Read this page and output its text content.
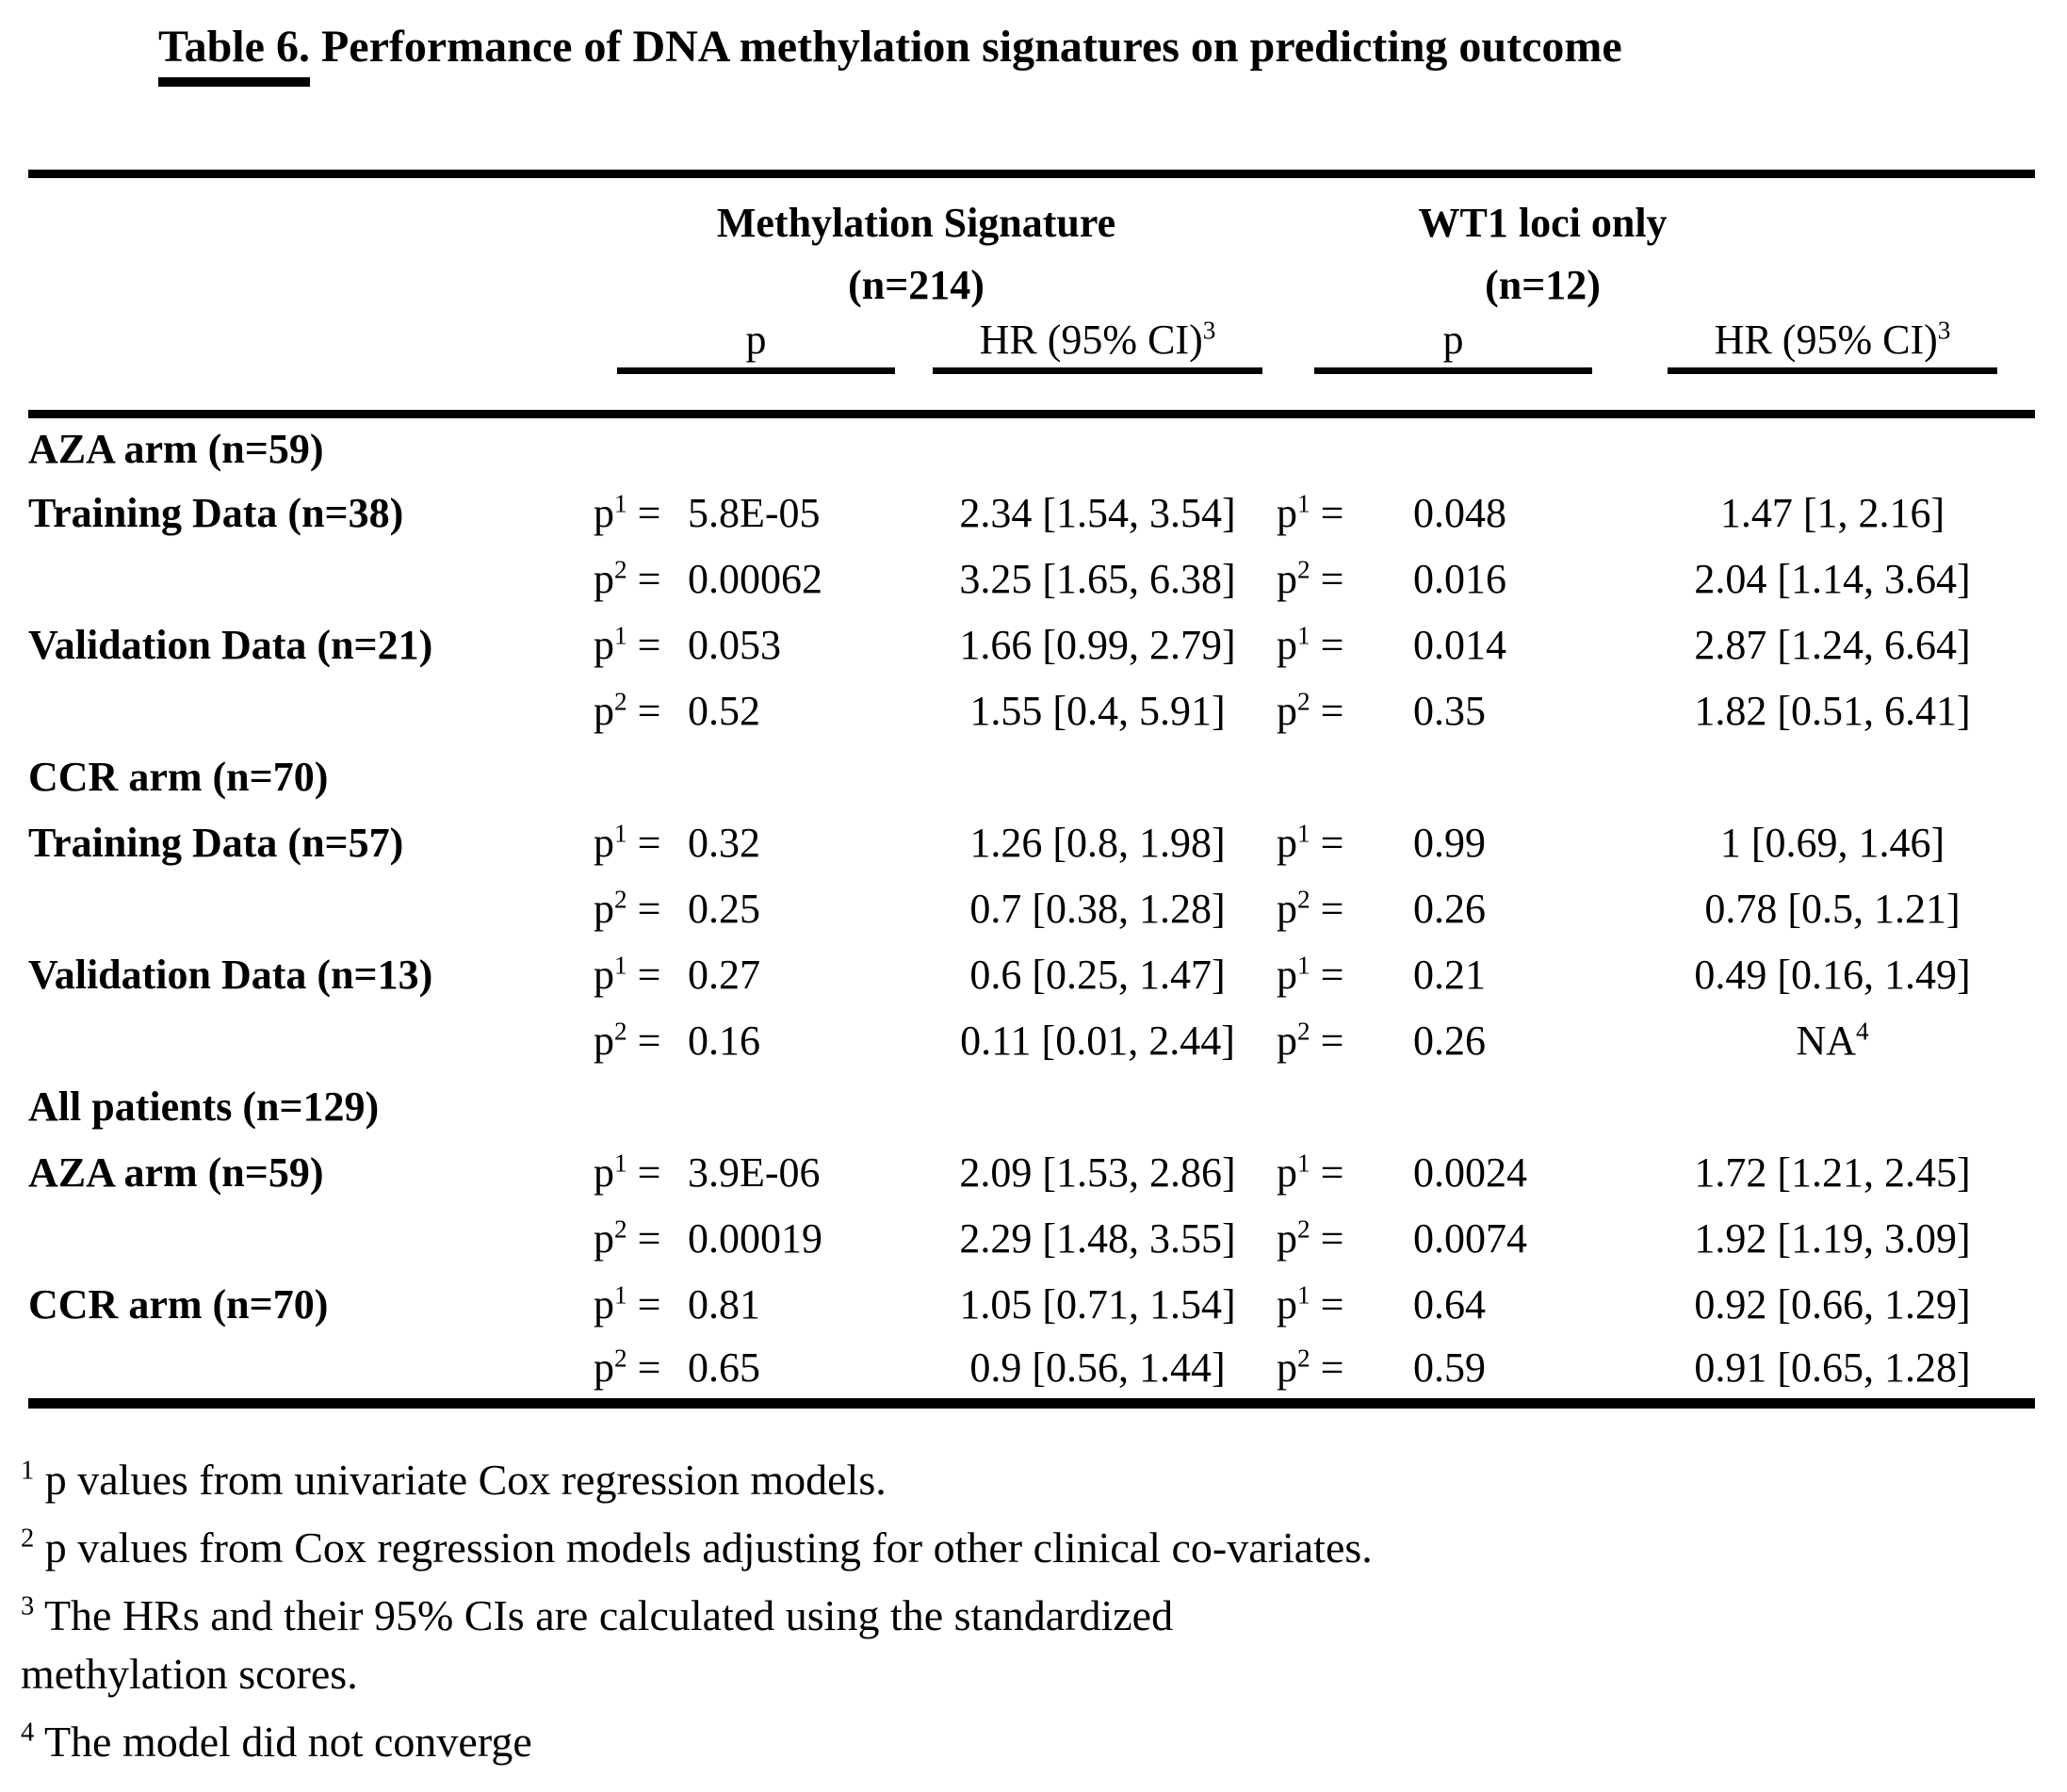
Table 6. Performance of DNA methylation signatures on predicting outcome

Methylation Signature
(n=214)

WT1 loci only
(n=12)

	p		HR (95% CI)$^3$	p		HR (95% CI)$^3$
AZA arm (n=59)						
Training Data (n=38)	$p^1$ =	5.8E-05	2.34 [1.54, 3.54]	$p^1$ =	0.048	1.47 [1, 2.16]
	$p^2$ =	0.00062	3.25 [1.65, 6.38]	$p^2$ =	0.016	2.04 [1.14, 3.64]
Validation Data (n=21)	$p^1$ =	0.053	1.66 [0.99, 2.79]	$p^1$ =	0.014	2.87 [1.24, 6.64]
	$p^2$ =	0.52	1.55 [0.4, 5.91]	$p^2$ =	0.35	1.82 [0.51, 6.41]
CCR arm (n=70)						
Training Data (n=57)	$p^1$ =	0.32	1.26 [0.8, 1.98]	$p^1$ =	0.99	1 [0.69, 1.46]
	$p^2$ =	0.25	0.7 [0.38, 1.28]	$p^2$ =	0.26	0.78 [0.5, 1.21]
Validation Data (n=13)	$p^1$ =	0.27	0.6 [0.25, 1.47]	$p^1$ =	0.21	0.49 [0.16, 1.49]
	$p^2$ =	0.16	0.11 [0.01, 2.44]	$p^2$ =	0.26	$NA^4$
All patients (n=129)						
AZA arm (n=59)	$p^1$ =	3.9E-06	2.09 [1.53, 2.86]	$p^1$ =	0.0024	1.72 [1.21, 2.45]
	$p^2$ =	0.00019	2.29 [1.48, 3.55]	$p^2$ =	0.0074	1.92 [1.19, 3.09]
CCR arm (n=70)	$p^1$ =	0.81	1.05 [0.71, 1.54]	$p^1$ =	0.64	0.92 [0.66, 1.29]
	$p^2$ =	0.65	0.9 [0.56, 1.44]	$p^2$ =	0.59	0.91 [0.65, 1.28]

$^1$ p values from univariate Cox regression models.

$^2$ p values from Cox regression models adjusting for other clinical co-variates.

$^3$ The HRs and their 95% CIs are calculated using the standardized methylation scores.

$^4$ The model did not converge
